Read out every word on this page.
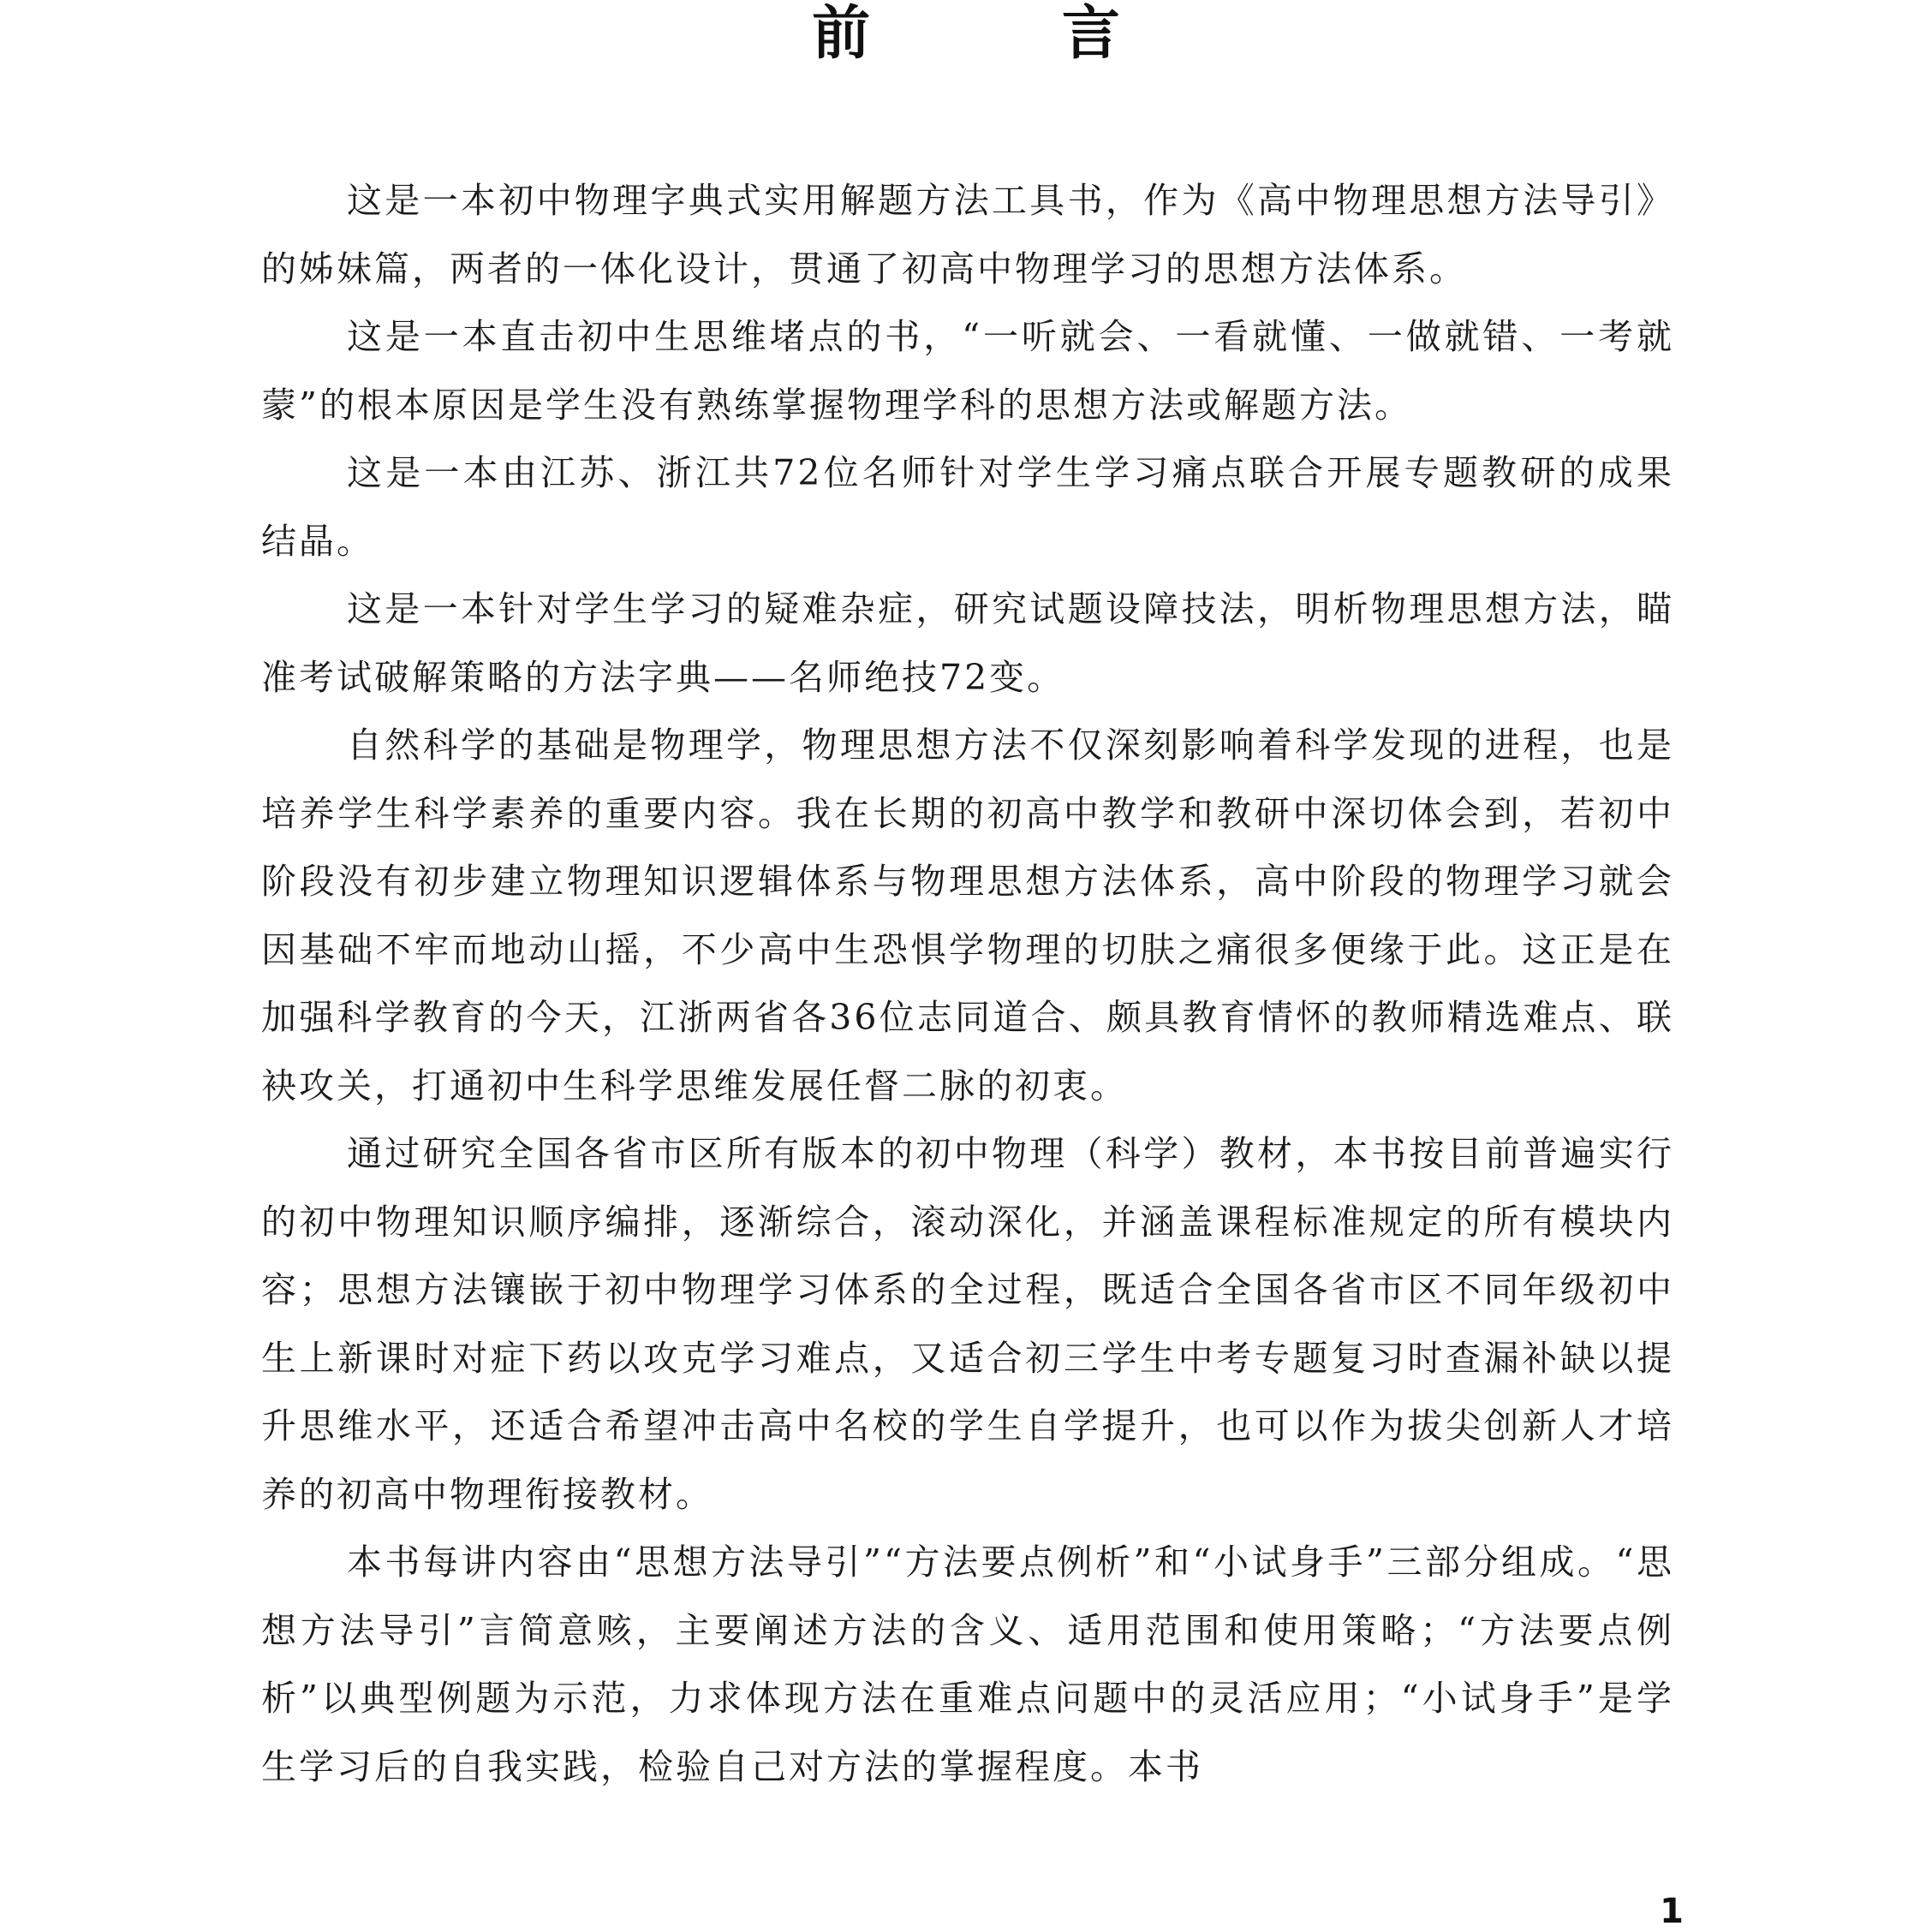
前 言

这是一本初中物理字典式实用解题方法工具书，作为《高中物理思想方法导引》的姊妹篇，两者的一体化设计，贯通了初高中物理学习的思想方法体系。

这是一本直击初中生思维堵点的书，“一听就会、一看就懂、一做就错、一考就蒙”的根本原因是学生没有熟练掌握物理学科的思想方法或解题方法。

这是一本由江苏、浙江共72位名师针对学生学习痛点联合开展专题教研的成果结晶。

这是一本针对学生学习的疑难杂症，研究试题设障技法，明析物理思想方法，瞄准考试破解策略的方法字典——名师绝技72变。

自然科学的基础是物理学，物理思想方法不仅深刻影响着科学发现的进程，也是培养学生科学素养的重要内容。我在长期的初高中教学和教研中深切体会到，若初中阶段没有初步建立物理知识逻辑体系与物理思想方法体系，高中阶段的物理学习就会因基础不牢而地动山摇，不少高中生恐惧学物理的切肤之痛很多便缘于此。这正是在加强科学教育的今天，江浙两省各36位志同道合、颇具教育情怀的教师精选难点、联袂攻关，打通初中生科学思维发展任督二脉的初衷。

通过研究全国各省市区所有版本的初中物理（科学）教材，本书按目前普遍实行的初中物理知识顺序编排，逐渐综合，滚动深化，并涵盖课程标准规定的所有模块内容；思想方法镶嵌于初中物理学习体系的全过程，既适合全国各省市区不同年级初中生上新课时对症下药以攻克学习难点，又适合初三学生中考专题复习时查漏补缺以提升思维水平，还适合希望冲击高中名校的学生自学提升，也可以作为拔尖创新人才培养的初高中物理衔接教材。

本书每讲内容由“思想方法导引”“方法要点例析”和“小试身手”三部分组成。“思想方法导引”言简意赅，主要阐述方法的含义、适用范围和使用策略；“方法要点例析”以典型例题为示范，力求体现方法在重难点问题中的灵活应用；“小试身手”是学生学习后的自我实践，检验自己对方法的掌握程度。本书

1
